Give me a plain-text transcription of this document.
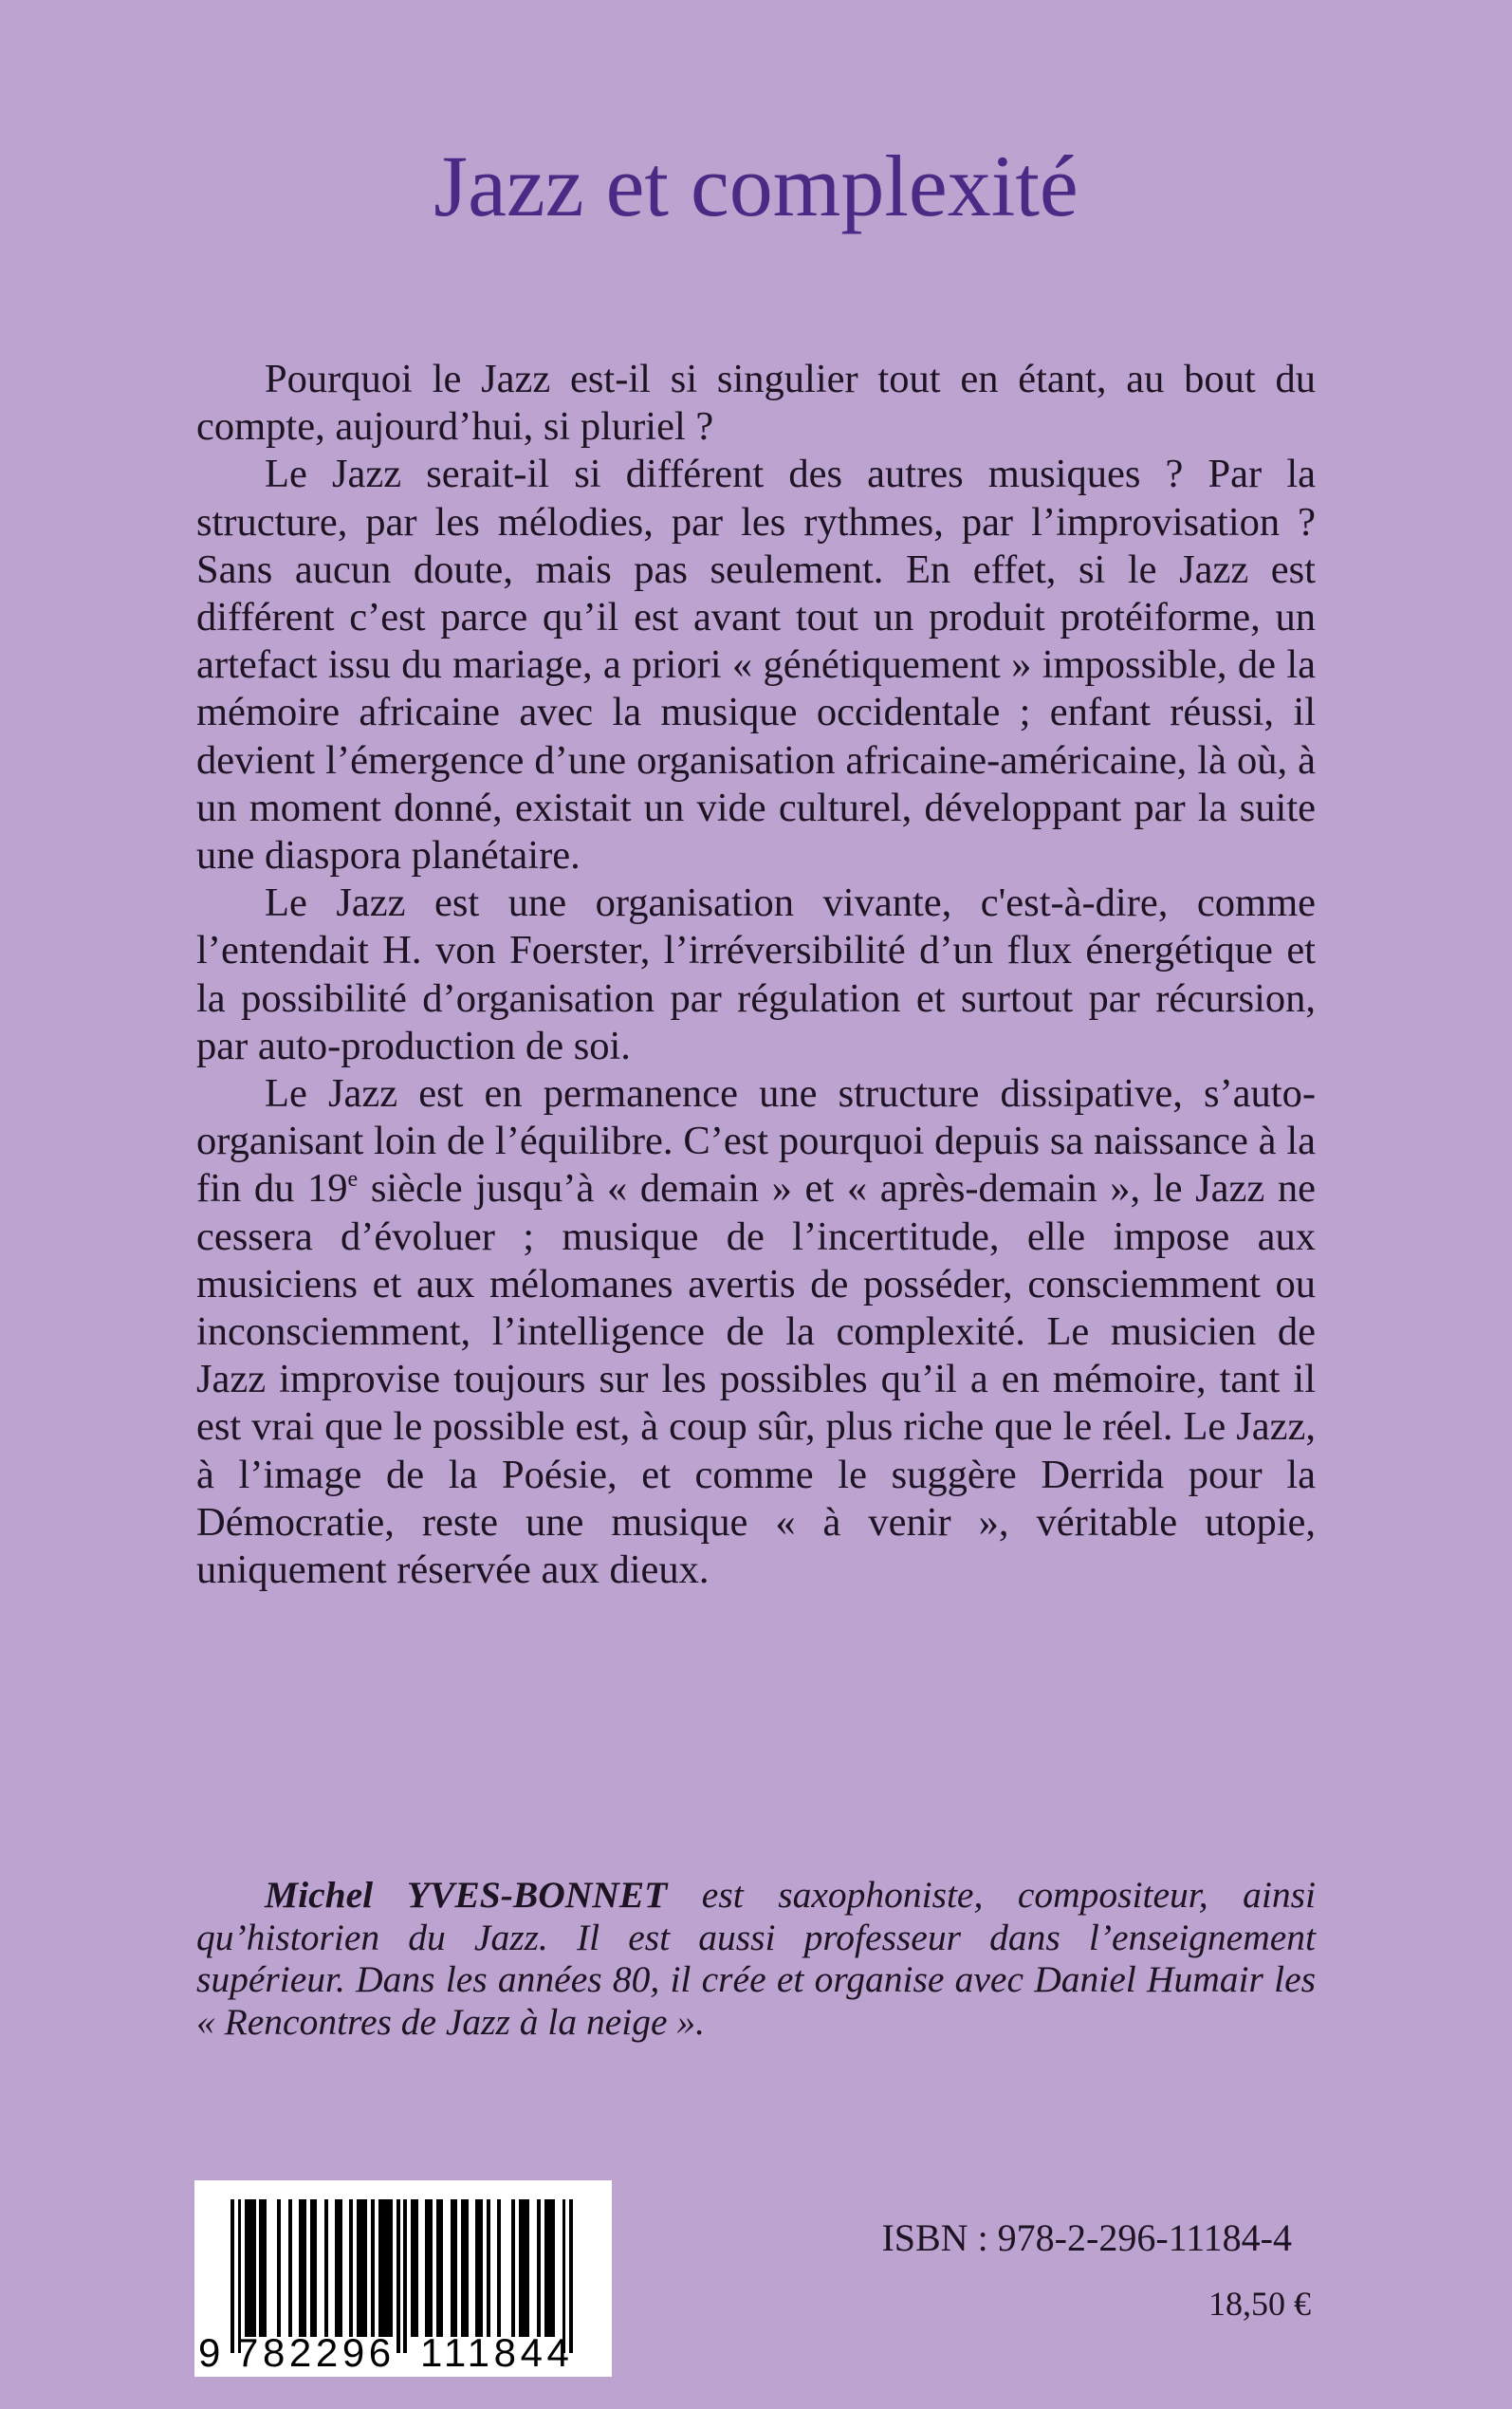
Jazz et complexité

Pourquoi le Jazz est-il si singulier tout en étant, au bout du compte, aujourd’hui, si pluriel ?

Le Jazz serait-il si différent des autres musiques ? Par la structure, par les mélodies, par les rythmes, par l’improvisation ? Sans aucun doute, mais pas seulement. En effet, si le Jazz est différent c’est parce qu’il est avant tout un produit protéiforme, un artefact issu du mariage, a priori « génétiquement » impossible, de la mémoire africaine avec la musique occidentale ; enfant réussi, il devient l’émergence d’une organisation africaine-américaine, là où, à un moment donné, existait un vide culturel, développant par la suite une diaspora planétaire.

Le Jazz est une organisation vivante, c'est-à-dire, comme l’entendait H. von Foerster, l’irréversibilité d’un flux énergétique et la possibilité d’organisation par régulation et surtout par récursion, par auto-production de soi.

Le Jazz est en permanence une structure dissipative, s’auto-organisant loin de l’équilibre. C’est pourquoi depuis sa naissance à la fin du 19e siècle jusqu’à « demain » et « après-demain », le Jazz ne cessera d’évoluer ; musique de l’incertitude, elle impose aux musiciens et aux mélomanes avertis de posséder, consciemment ou inconsciemment, l’intelligence de la complexité. Le musicien de Jazz improvise toujours sur les possibles qu’il a en mémoire, tant il est vrai que le possible est, à coup sûr, plus riche que le réel. Le Jazz, à l’image de la Poésie, et comme le suggère Derrida pour la Démocratie, reste une musique « à venir », véritable utopie, uniquement réservée aux dieux.

Michel YVES-BONNET est saxophoniste, compositeur, ainsi qu’historien du Jazz. Il est aussi professeur dans l’enseignement supérieur. Dans les années 80, il crée et organise avec Daniel Humair les « Rencontres de Jazz à la neige ».

9 782296 111844

ISBN : 978-2-296-11184-4

18,50 €
